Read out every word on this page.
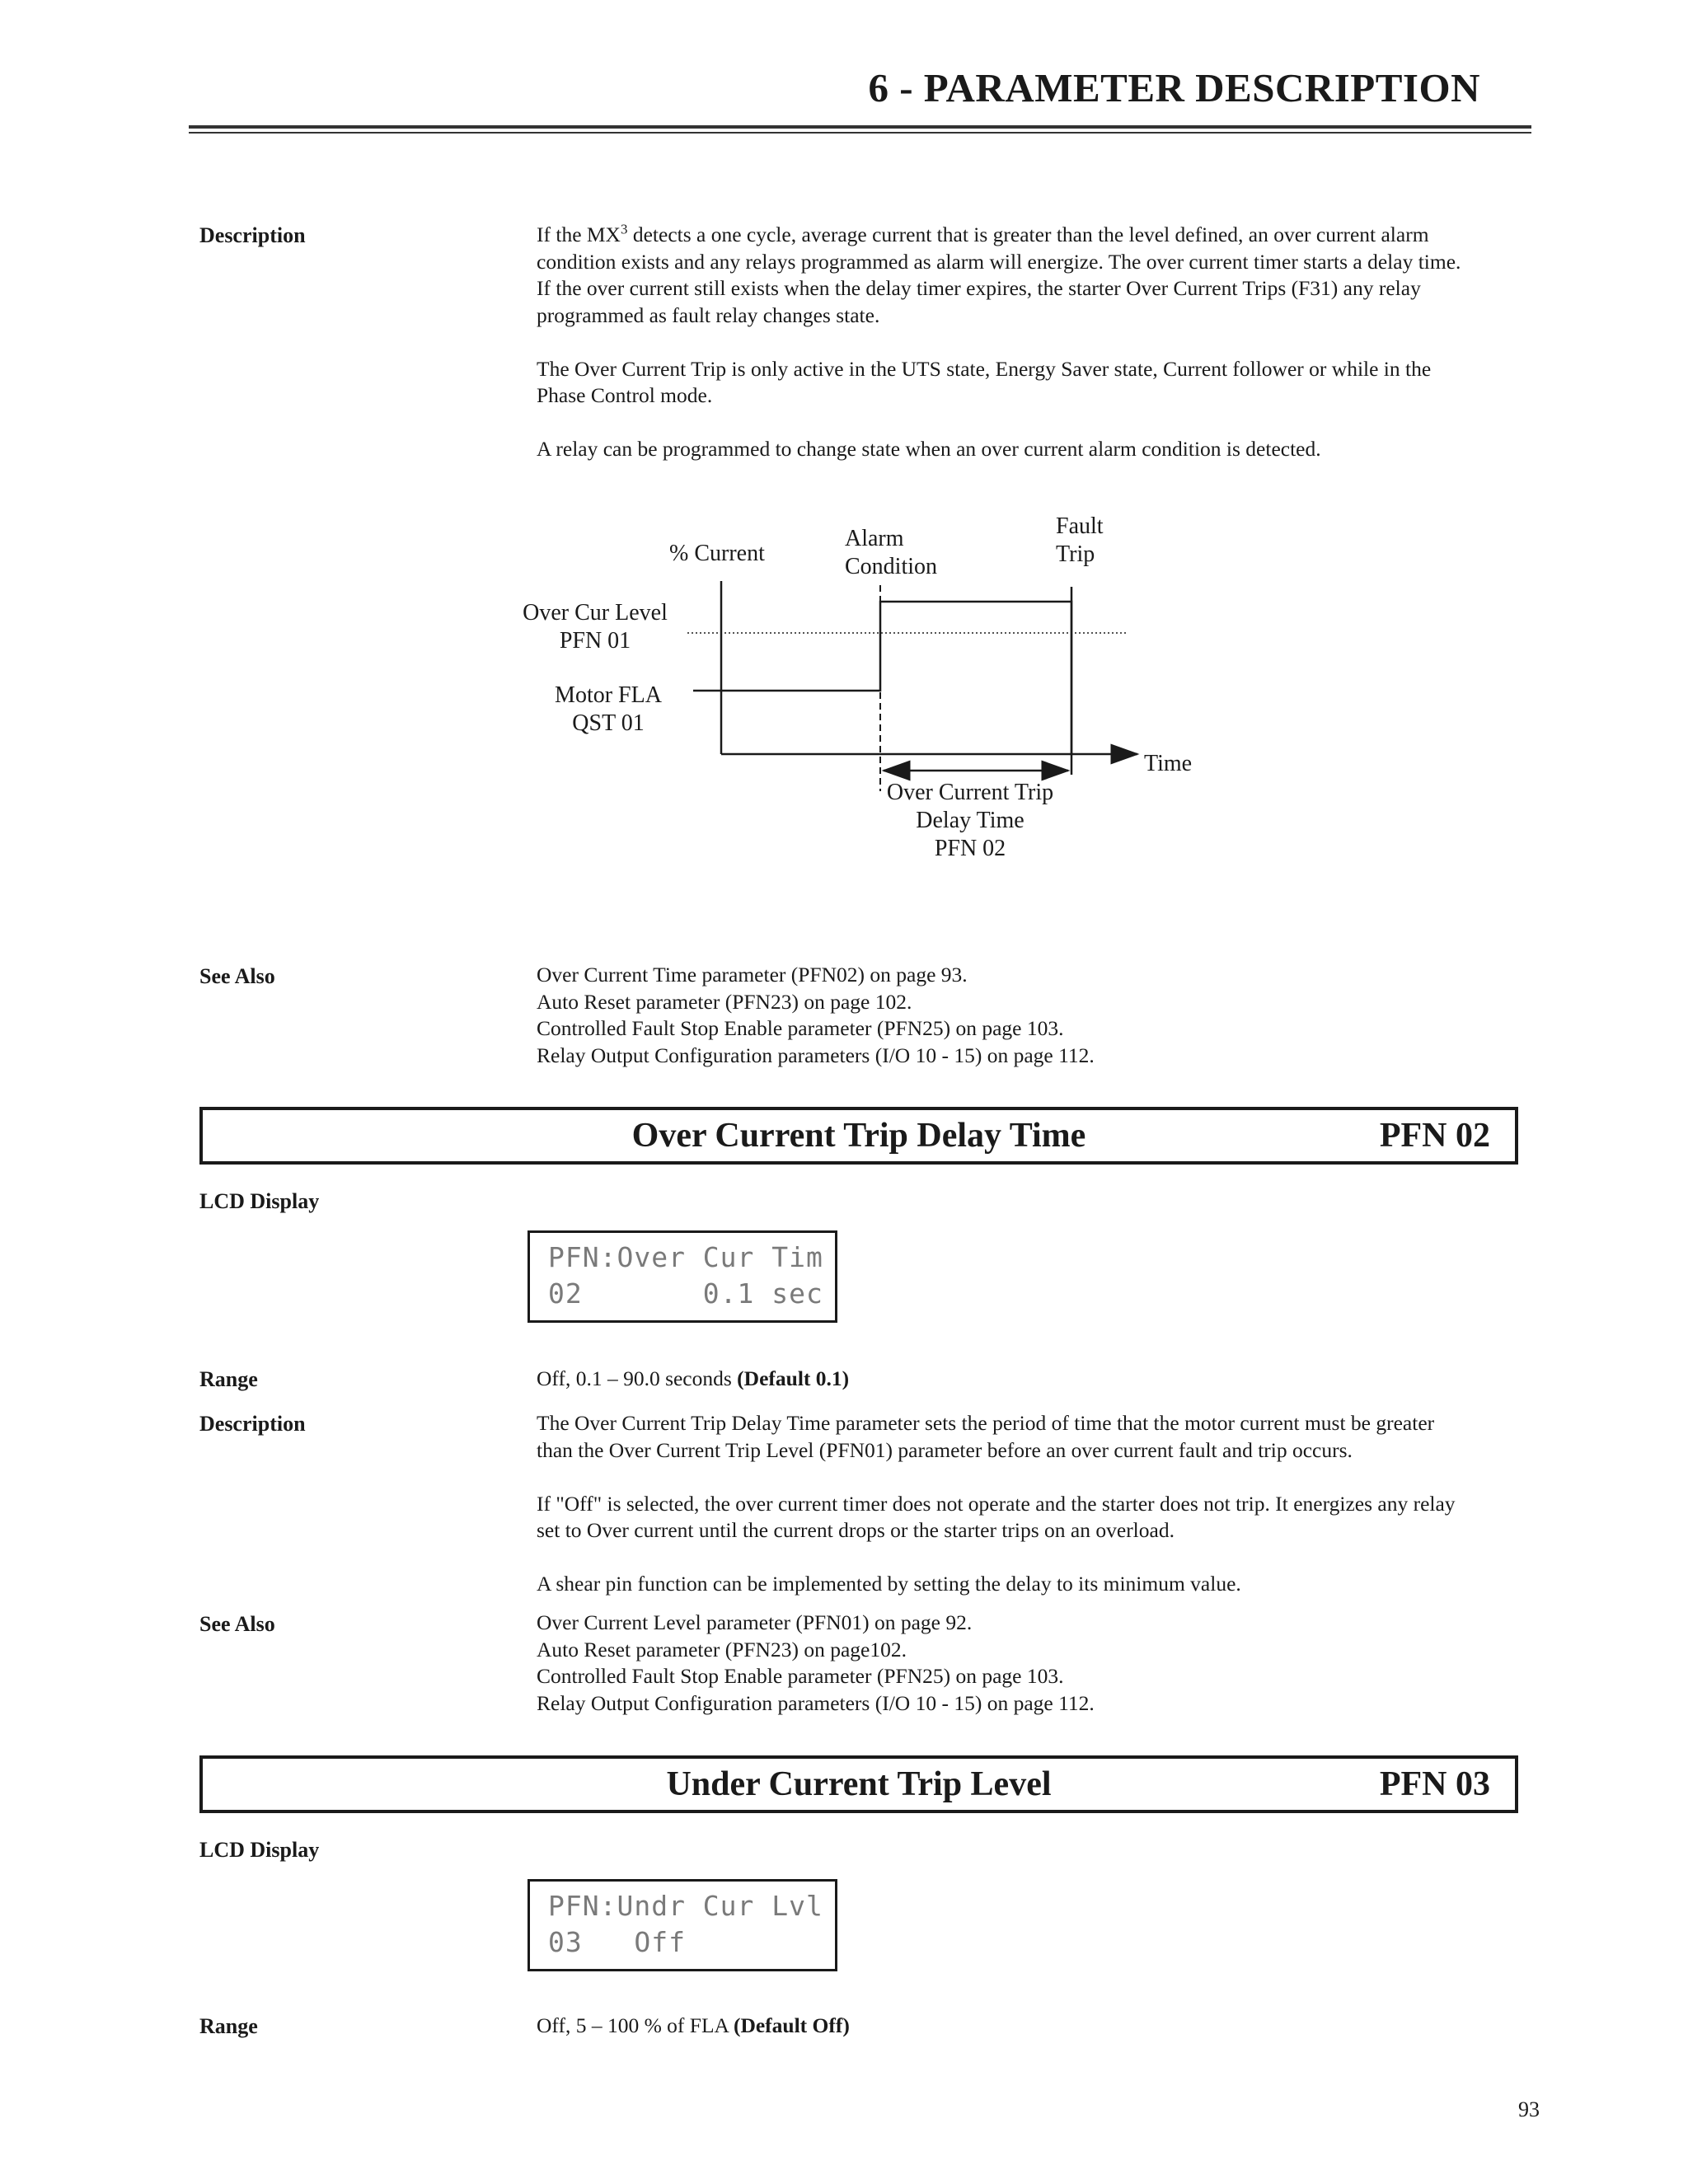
6 - PARAMETER DESCRIPTION
Description	If the $MX^3$ detects a one cycle, average current that is greater than the level defined, an over current alarm
condition exists and any relays programmed as alarm will energize. The over current timer starts a delay time.
If the over current still exists when the delay timer expires, the starter Over Current Trips (F31) any relay
programmed as fault relay changes state.

The Over Current Trip is only active in the UTS state, Energy Saver state, Current follower or while in the
Phase Control mode.

A relay can be programmed to change state when an over current alarm condition is detected.

% Current
Alarm
Condition
Fault
Trip
Over Cur Level
PFN 01
Motor FLA
QST 01
Time
Over Current Trip
Delay Time
PFN 02
See Also	Over Current Time parameter (PFN02) on page 93.
Auto Reset parameter (PFN23) on page 102.
Controlled Fault Stop Enable parameter (PFN25) on page 103.
Relay Output Configuration parameters (I/O 10 - 15) on page 112.
Over Current Trip Delay Time	PFN 02
LCD Display
PFN:Over Cur Tim
02       0.1 sec
Range	Off, 0.1 – 90.0 seconds (Default 0.1)
Description	The Over Current Trip Delay Time parameter sets the period of time that the motor current must be greater
than the Over Current Trip Level (PFN01) parameter before an over current fault and trip occurs.

If "Off" is selected, the over current timer does not operate and the starter does not trip. It energizes any relay
set to Over current until the current drops or the starter trips on an overload.

A shear pin function can be implemented by setting the delay to its minimum value.

See Also	Over Current Level parameter (PFN01) on page 92.
Auto Reset parameter (PFN23) on page102.
Controlled Fault Stop Enable parameter (PFN25) on page 103.
Relay Output Configuration parameters (I/O 10 - 15) on page 112.
Under Current Trip Level	PFN 03
LCD Display
PFN:Undr Cur Lvl
03   Off
Range	Off, 5 – 100 % of FLA (Default Off)
93
